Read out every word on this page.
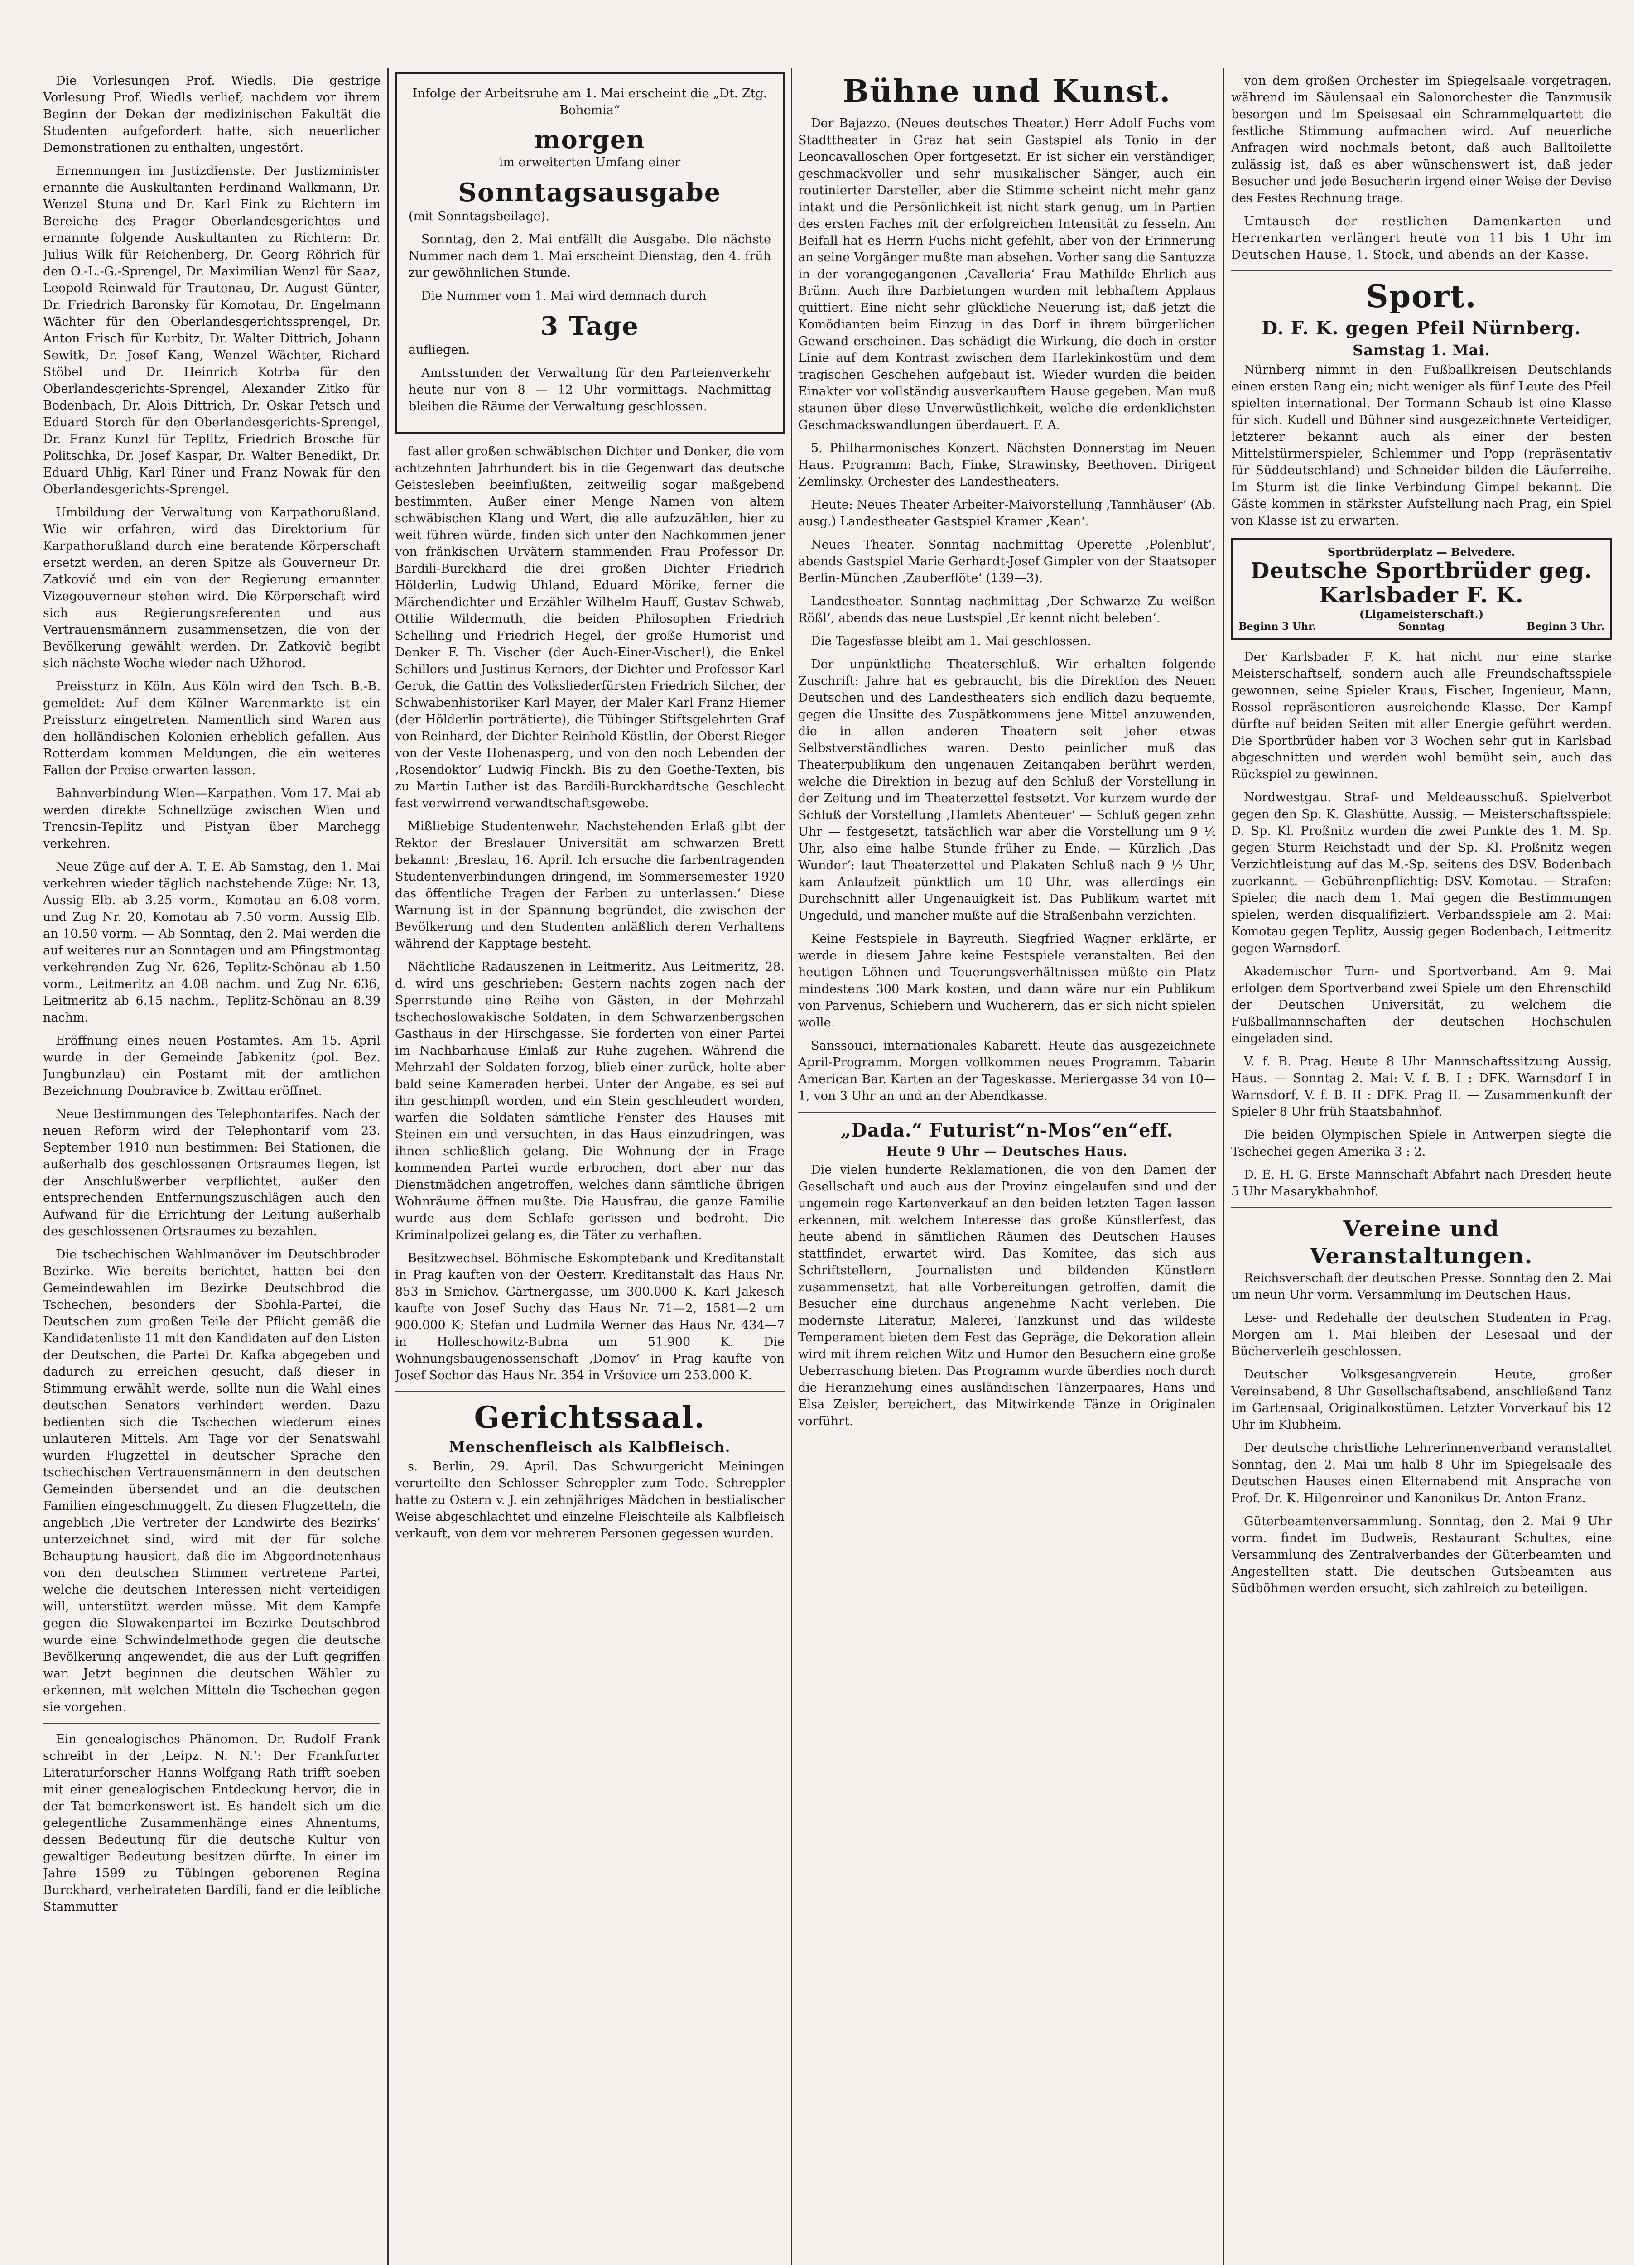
Die Vorlesungen Prof. Wiedls. Die gestrige Vorlesung Prof. Wiedls verlief, nachdem vor ihrem Beginn der Dekan der medizinischen Fakultät die Studenten aufgefordert hatte, sich neuerlicher Demonstrationen zu enthalten, ungestört.

Ernennungen im Justizdienste. Der Justizminister ernannte die Auskultanten Ferdinand Walkmann, Dr. Wenzel Stuna und Dr. Karl Fink zu Richtern im Bereiche des Prager Oberlandesgerichtes und ernannte folgende Auskultanten zu Richtern: Dr. Julius Wilk für Reichenberg, Dr. Georg Röhrich für den O.-L.-G.-Sprengel, Dr. Maximilian Wenzl für Saaz, Leopold Reinwald für Trautenau, Dr. August Günter, Dr. Friedrich Baronsky für Komotau, Dr. Engelmann Wächter für den Oberlandesgerichtssprengel, Dr. Anton Frisch für Kurbitz, Dr. Walter Dittrich, Johann Sewitk, Dr. Josef Kang, Wenzel Wächter, Richard Stöbel und Dr. Heinrich Kotrba für den Oberlandesgerichts-Sprengel, Alexander Zitko für Bodenbach, Dr. Alois Dittrich, Dr. Oskar Petsch und Eduard Storch für den Oberlandesgerichts-Sprengel, Dr. Franz Kunzl für Teplitz, Friedrich Brosche für Politschka, Dr. Josef Kaspar, Dr. Walter Benedikt, Dr. Eduard Uhlig, Karl Riner und Franz Nowak für den Oberlandesgerichts-Sprengel.

Umbildung der Verwaltung von Karpathorußland. Wie wir erfahren, wird das Direktorium für Karpathorußland durch eine beratende Körperschaft ersetzt werden, an deren Spitze als Gouverneur Dr. Zatkovič und ein von der Regierung ernannter Vizegouverneur stehen wird. Die Körperschaft wird sich aus Regierungsreferenten und aus Vertrauensmännern zusammensetzen, die von der Bevölkerung gewählt werden. Dr. Zatkovič begibt sich nächste Woche wieder nach Užhorod.

Preissturz in Köln. Aus Köln wird den Tsch. B.-B. gemeldet: Auf dem Kölner Warenmarkte ist ein Preissturz eingetreten. Namentlich sind Waren aus den holländischen Kolonien erheblich gefallen. Aus Rotterdam kommen Meldungen, die ein weiteres Fallen der Preise erwarten lassen.

Bahnverbindung Wien—Karpathen. Vom 17. Mai ab werden direkte Schnellzüge zwischen Wien und Trencsin-Teplitz und Pistyan über Marchegg verkehren.

Neue Züge auf der A. T. E. Ab Samstag, den 1. Mai verkehren wieder täglich nachstehende Züge: Nr. 13, Aussig Elb. ab 3.25 vorm., Komotau an 6.08 vorm. und Zug Nr. 20, Komotau ab 7.50 vorm. Aussig Elb. an 10.50 vorm. — Ab Sonntag, den 2. Mai werden die auf weiteres nur an Sonntagen und am Pfingstmontag verkehrenden Zug Nr. 626, Teplitz-Schönau ab 1.50 vorm., Leitmeritz an 4.08 nachm. und Zug Nr. 636, Leitmeritz ab 6.15 nachm., Teplitz-Schönau an 8.39 nachm.

Eröffnung eines neuen Postamtes. Am 15. April wurde in der Gemeinde Jabkenitz (pol. Bez. Jungbunzlau) ein Postamt mit der amtlichen Bezeichnung Doubravice b. Zwittau eröffnet.

Neue Bestimmungen des Telephontarifes. Nach der neuen Reform wird der Telephontarif vom 23. September 1910 nun bestimmen: Bei Stationen, die außerhalb des geschlossenen Ortsraumes liegen, ist der Anschlußwerber verpflichtet, außer den entsprechenden Entfernungszuschlägen auch den Aufwand für die Errichtung der Leitung außerhalb des geschlossenen Ortsraumes zu bezahlen.

Die tschechischen Wahlmanöver im Deutschbroder Bezirke. Wie bereits berichtet, hatten bei den Gemeindewahlen im Bezirke Deutschbrod die Tschechen, besonders der Sbohla-Partei, die Deutschen zum großen Teile der Pflicht gemäß die Kandidatenliste 11 mit den Kandidaten auf den Listen der Deutschen, die Partei Dr. Kafka abgegeben und dadurch zu erreichen gesucht, daß dieser in Stimmung erwählt werde, sollte nun die Wahl eines deutschen Senators verhindert werden. Dazu bedienten sich die Tschechen wiederum eines unlauteren Mittels. Am Tage vor der Senatswahl wurden Flugzettel in deutscher Sprache den tschechischen Vertrauensmännern in den deutschen Gemeinden übersendet und an die deutschen Familien eingeschmuggelt. Zu diesen Flugzetteln, die angeblich ‚Die Vertreter der Landwirte des Bezirks‘ unterzeichnet sind, wird mit der für solche Behauptung hausiert, daß die im Abgeordnetenhaus von den deutschen Stimmen vertretene Partei, welche die deutschen Interessen nicht verteidigen will, unterstützt werden müsse. Mit dem Kampfe gegen die Slowakenpartei im Bezirke Deutschbrod wurde eine Schwindelmethode gegen die deutsche Bevölkerung angewendet, die aus der Luft gegriffen war. Jetzt beginnen die deutschen Wähler zu erkennen, mit welchen Mitteln die Tschechen gegen sie vorgehen.

Ein genealogisches Phänomen. Dr. Rudolf Frank schreibt in der ‚Leipz. N. N.‘: Der Frankfurter Literaturforscher Hanns Wolfgang Rath trifft soeben mit einer genealogischen Entdeckung hervor, die in der Tat bemerkenswert ist. Es handelt sich um die gelegentliche Zusammenhänge eines Ahnentums, dessen Bedeutung für die deutsche Kultur von gewaltiger Bedeutung besitzen dürfte. In einer im Jahre 1599 zu Tübingen geborenen Regina Burckhard, verheirateten Bardili, fand er die leibliche Stammutter

Infolge der Arbeitsruhe am 1. Mai erscheint die „Dt. Ztg. Bohemia“

morgen

im erweiterten Umfang einer

Sonntagsausgabe

(mit Sonntagsbeilage).

Sonntag, den 2. Mai entfällt die Ausgabe. Die nächste Nummer nach dem 1. Mai erscheint Dienstag, den 4. früh zur gewöhnlichen Stunde.

Die Nummer vom 1. Mai wird demnach durch

3 Tage

aufliegen.

Amtsstunden der Verwaltung für den Parteienverkehr heute nur von 8 — 12 Uhr vormittags. Nachmittag bleiben die Räume der Verwaltung geschlossen.

fast aller großen schwäbischen Dichter und Denker, die vom achtzehnten Jahrhundert bis in die Gegenwart das deutsche Geistesleben beeinflußten, zeitweilig sogar maßgebend bestimmten. Außer einer Menge Namen von altem schwäbischen Klang und Wert, die alle aufzuzählen, hier zu weit führen würde, finden sich unter den Nachkommen jener von fränkischen Urvätern stammenden Frau Professor Dr. Bardili-Burckhard die drei großen Dichter Friedrich Hölderlin, Ludwig Uhland, Eduard Mörike, ferner die Märchendichter und Erzähler Wilhelm Hauff, Gustav Schwab, Ottilie Wildermuth, die beiden Philosophen Friedrich Schelling und Friedrich Hegel, der große Humorist und Denker F. Th. Vischer (der Auch-Einer-Vischer!), die Enkel Schillers und Justinus Kerners, der Dichter und Professor Karl Gerok, die Gattin des Volksliederfürsten Friedrich Silcher, der Schwabenhistoriker Karl Mayer, der Maler Karl Franz Hiemer (der Hölderlin porträtierte), die Tübinger Stiftsgelehrten Graf von Reinhard, der Dichter Reinhold Köstlin, der Oberst Rieger von der Veste Hohenasperg, und von den noch Lebenden der ‚Rosendoktor‘ Ludwig Finckh. Bis zu den Goethe-Texten, bis zu Martin Luther ist das Bardili-Burckhardtsche Geschlecht fast verwirrend verwandtschaftsgewebe.

Mißliebige Studentenwehr. Nachstehenden Erlaß gibt der Rektor der Breslauer Universität am schwarzen Brett bekannt: ‚Breslau, 16. April. Ich ersuche die farbentragenden Studentenverbindungen dringend, im Sommersemester 1920 das öffentliche Tragen der Farben zu unterlassen.‘ Diese Warnung ist in der Spannung begründet, die zwischen der Bevölkerung und den Studenten anläßlich deren Verhaltens während der Kapptage besteht.

Nächtliche Radauszenen in Leitmeritz. Aus Leitmeritz, 28. d. wird uns geschrieben: Gestern nachts zogen nach der Sperrstunde eine Reihe von Gästen, in der Mehrzahl tschechoslowakische Soldaten, in dem Schwarzenbergschen Gasthaus in der Hirschgasse. Sie forderten von einer Partei im Nachbarhause Einlaß zur Ruhe zugehen. Während die Mehrzahl der Soldaten forzog, blieb einer zurück, holte aber bald seine Kameraden herbei. Unter der Angabe, es sei auf ihn geschimpft worden, und ein Stein geschleudert worden, warfen die Soldaten sämtliche Fenster des Hauses mit Steinen ein und versuchten, in das Haus einzudringen, was ihnen schließlich gelang. Die Wohnung der in Frage kommenden Partei wurde erbrochen, dort aber nur das Dienstmädchen angetroffen, welches dann sämtliche übrigen Wohnräume öffnen mußte. Die Hausfrau, die ganze Familie wurde aus dem Schlafe gerissen und bedroht. Die Kriminalpolizei gelang es, die Täter zu verhaften.

Besitzwechsel. Böhmische Eskomptebank und Kreditanstalt in Prag kauften von der Oesterr. Kreditanstalt das Haus Nr. 853 in Smichov. Gärtnergasse, um 300.000 K. Karl Jakesch kaufte von Josef Suchy das Haus Nr. 71—2, 1581—2 um 900.000 K; Stefan und Ludmila Werner das Haus Nr. 434—7 in Holleschowitz-Bubna um 51.900 K. Die Wohnungsbaugenossenschaft ‚Domov‘ in Prag kaufte von Josef Sochor das Haus Nr. 354 in Vršovice um 253.000 K.

Gerichtssaal.
Menschenfleisch als Kalbfleisch.

s. Berlin, 29. April. Das Schwurgericht Meiningen verurteilte den Schlosser Schreppler zum Tode. Schreppler hatte zu Ostern v. J. ein zehnjähriges Mädchen in bestialischer Weise abgeschlachtet und einzelne Fleischteile als Kalbfleisch verkauft, von dem vor mehreren Personen gegessen wurden.

Bühne und Kunst.

Der Bajazzo. (Neues deutsches Theater.) Herr Adolf Fuchs vom Stadttheater in Graz hat sein Gastspiel als Tonio in der Leoncavalloschen Oper fortgesetzt. Er ist sicher ein verständiger, geschmackvoller und sehr musikalischer Sänger, auch ein routinierter Darsteller, aber die Stimme scheint nicht mehr ganz intakt und die Persönlichkeit ist nicht stark genug, um in Partien des ersten Faches mit der erfolgreichen Intensität zu fesseln. Am Beifall hat es Herrn Fuchs nicht gefehlt, aber von der Erinnerung an seine Vorgänger mußte man absehen. Vorher sang die Santuzza in der vorangegangenen ‚Cavalleria‘ Frau Mathilde Ehrlich aus Brünn. Auch ihre Darbietungen wurden mit lebhaftem Applaus quittiert. Eine nicht sehr glückliche Neuerung ist, daß jetzt die Komödianten beim Einzug in das Dorf in ihrem bürgerlichen Gewand erscheinen. Das schädigt die Wirkung, die doch in erster Linie auf dem Kontrast zwischen dem Harlekinkostüm und dem tragischen Geschehen aufgebaut ist. Wieder wurden die beiden Einakter vor vollständig ausverkauftem Hause gegeben. Man muß staunen über diese Unverwüstlichkeit, welche die erdenklichsten Geschmackswandlungen überdauert. F. A.

5. Philharmonisches Konzert. Nächsten Donnerstag im Neuen Haus. Programm: Bach, Finke, Strawinsky, Beethoven. Dirigent Zemlinsky. Orchester des Landestheaters.

Heute: Neues Theater Arbeiter-Maivorstellung ‚Tannhäuser‘ (Ab. ausg.) Landestheater Gastspiel Kramer ‚Kean‘.

Neues Theater. Sonntag nachmittag Operette ‚Polenblut‘, abends Gastspiel Marie Gerhardt-Josef Gimpler von der Staatsoper Berlin-München ‚Zauberflöte‘ (139—3).

Landestheater. Sonntag nachmittag ‚Der Schwarze Zu weißen Rößl‘, abends das neue Lustspiel ‚Er kennt nicht beleben‘.

Die Tagesfasse bleibt am 1. Mai geschlossen.

Der unpünktliche Theaterschluß. Wir erhalten folgende Zuschrift: Jahre hat es gebraucht, bis die Direktion des Neuen Deutschen und des Landestheaters sich endlich dazu bequemte, gegen die Unsitte des Zuspätkommens jene Mittel anzuwenden, die in allen anderen Theatern seit jeher etwas Selbstverständliches waren. Desto peinlicher muß das Theaterpublikum den ungenauen Zeitangaben berührt werden, welche die Direktion in bezug auf den Schluß der Vorstellung in der Zeitung und im Theaterzettel festsetzt. Vor kurzem wurde der Schluß der Vorstellung ‚Hamlets Abenteuer‘ — Schluß gegen zehn Uhr — festgesetzt, tatsächlich war aber die Vorstellung um 9 ¼ Uhr, also eine halbe Stunde früher zu Ende. — Kürzlich ‚Das Wunder‘: laut Theaterzettel und Plakaten Schluß nach 9 ½ Uhr, kam Anlaufzeit pünktlich um 10 Uhr, was allerdings ein Durchschnitt aller Ungenauigkeit ist. Das Publikum wartet mit Ungeduld, und mancher mußte auf die Straßenbahn verzichten.

Keine Festspiele in Bayreuth. Siegfried Wagner erklärte, er werde in diesem Jahre keine Festspiele veranstalten. Bei den heutigen Löhnen und Teuerungsverhältnissen müßte ein Platz mindestens 300 Mark kosten, und dann wäre nur ein Publikum von Parvenus, Schiebern und Wucherern, das er sich nicht spielen wolle.

Sanssouci, internationales Kabarett. Heute das ausgezeichnete April-Programm. Morgen vollkommen neues Programm. Tabarin American Bar. Karten an der Tageskasse. Meriergasse 34 von 10—1, von 3 Uhr an und an der Abendkasse.

„Dada.“ Futurist“n-Mos“en“eff.
Heute 9 Uhr — Deutsches Haus.

Die vielen hunderte Reklamationen, die von den Damen der Gesellschaft und auch aus der Provinz eingelaufen sind und der ungemein rege Kartenverkauf an den beiden letzten Tagen lassen erkennen, mit welchem Interesse das große Künstlerfest, das heute abend in sämtlichen Räumen des Deutschen Hauses stattfindet, erwartet wird. Das Komitee, das sich aus Schriftstellern, Journalisten und bildenden Künstlern zusammensetzt, hat alle Vorbereitungen getroffen, damit die Besucher eine durchaus angenehme Nacht verleben. Die modernste Literatur, Malerei, Tanzkunst und das wildeste Temperament bieten dem Fest das Gepräge, die Dekoration allein wird mit ihrem reichen Witz und Humor den Besuchern eine große Ueberraschung bieten. Das Programm wurde überdies noch durch die Heranziehung eines ausländischen Tänzerpaares, Hans und Elsa Zeisler, bereichert, das Mitwirkende Tänze in Originalen vorführt.

von dem großen Orchester im Spiegelsaale vorgetragen, während im Säulensaal ein Salonorchester die Tanzmusik besorgen und im Speisesaal ein Schrammelquartett die festliche Stimmung aufmachen wird. Auf neuerliche Anfragen wird nochmals betont, daß auch Balltoilette zulässig ist, daß es aber wünschenswert ist, daß jeder Besucher und jede Besucherin irgend einer Weise der Devise des Festes Rechnung trage.

Umtausch der restlichen Damenkarten und Herrenkarten verlängert heute von 11 bis 1 Uhr im Deutschen Hause, 1. Stock, und abends an der Kasse.

Sport.
D. F. K. gegen Pfeil Nürnberg.
Samstag 1. Mai.

Nürnberg nimmt in den Fußballkreisen Deutschlands einen ersten Rang ein; nicht weniger als fünf Leute des Pfeil spielten international. Der Tormann Schaub ist eine Klasse für sich. Kudell und Bühner sind ausgezeichnete Verteidiger, letzterer bekannt auch als einer der besten Mittelstürmerspieler, Schlemmer und Popp (repräsentativ für Süddeutschland) und Schneider bilden die Läuferreihe. Im Sturm ist die linke Verbindung Gimpel bekannt. Die Gäste kommen in stärkster Aufstellung nach Prag, ein Spiel von Klasse ist zu erwarten.

Sportbrüderplatz — Belvedere.
Deutsche Sportbrüder geg. Karlsbader F. K.
(Ligameisterschaft.)
Beginn 3 Uhr.	Sonntag	Beginn 3 Uhr.

Der Karlsbader F. K. hat nicht nur eine starke Meisterschaftself, sondern auch alle Freundschaftsspiele gewonnen, seine Spieler Kraus, Fischer, Ingenieur, Mann, Rossol repräsentieren ausreichende Klasse. Der Kampf dürfte auf beiden Seiten mit aller Energie geführt werden. Die Sportbrüder haben vor 3 Wochen sehr gut in Karlsbad abgeschnitten und werden wohl bemüht sein, auch das Rückspiel zu gewinnen.

Nordwestgau. Straf- und Meldeausschuß. Spielverbot gegen den Sp. K. Glashütte, Aussig. — Meisterschaftsspiele: D. Sp. Kl. Proßnitz wurden die zwei Punkte des 1. M. Sp. gegen Sturm Reichstadt und der Sp. Kl. Proßnitz wegen Verzichtleistung auf das M.-Sp. seitens des DSV. Bodenbach zuerkannt. — Gebührenpflichtig: DSV. Komotau. — Strafen: Spieler, die nach dem 1. Mai gegen die Bestimmungen spielen, werden disqualifiziert. Verbandsspiele am 2. Mai: Komotau gegen Teplitz, Aussig gegen Bodenbach, Leitmeritz gegen Warnsdorf.

Akademischer Turn- und Sportverband. Am 9. Mai erfolgen dem Sportverband zwei Spiele um den Ehrenschild der Deutschen Universität, zu welchem die Fußballmannschaften der deutschen Hochschulen eingeladen sind.

V. f. B. Prag. Heute 8 Uhr Mannschaftssitzung Aussig, Haus. — Sonntag 2. Mai: V. f. B. I : DFK. Warnsdorf I in Warnsdorf, V. f. B. II : DFK. Prag II. — Zusammenkunft der Spieler 8 Uhr früh Staatsbahnhof.

Die beiden Olympischen Spiele in Antwerpen siegte die Tschechei gegen Amerika 3 : 2.

D. E. H. G. Erste Mannschaft Abfahrt nach Dresden heute 5 Uhr Masarykbahnhof.

Vereine und Veranstaltungen.

Reichsverschaft der deutschen Presse. Sonntag den 2. Mai um neun Uhr vorm. Versammlung im Deutschen Haus.

Lese- und Redehalle der deutschen Studenten in Prag. Morgen am 1. Mai bleiben der Lesesaal und der Bücherverleih geschlossen.

Deutscher Volksgesangverein. Heute, großer Vereinsabend, 8 Uhr Gesellschaftsabend, anschließend Tanz im Gartensaal, Originalkostümen. Letzter Vorverkauf bis 12 Uhr im Klubheim.

Der deutsche christliche Lehrerinnenverband veranstaltet Sonntag, den 2. Mai um halb 8 Uhr im Spiegelsaale des Deutschen Hauses einen Elternabend mit Ansprache von Prof. Dr. K. Hilgenreiner und Kanonikus Dr. Anton Franz.

Güterbeamtenversammlung. Sonntag, den 2. Mai 9 Uhr vorm. findet im Budweis, Restaurant Schultes, eine Versammlung des Zentralverbandes der Güterbeamten und Angestellten statt. Die deutschen Gutsbeamten aus Südböhmen werden ersucht, sich zahlreich zu beteiligen.
